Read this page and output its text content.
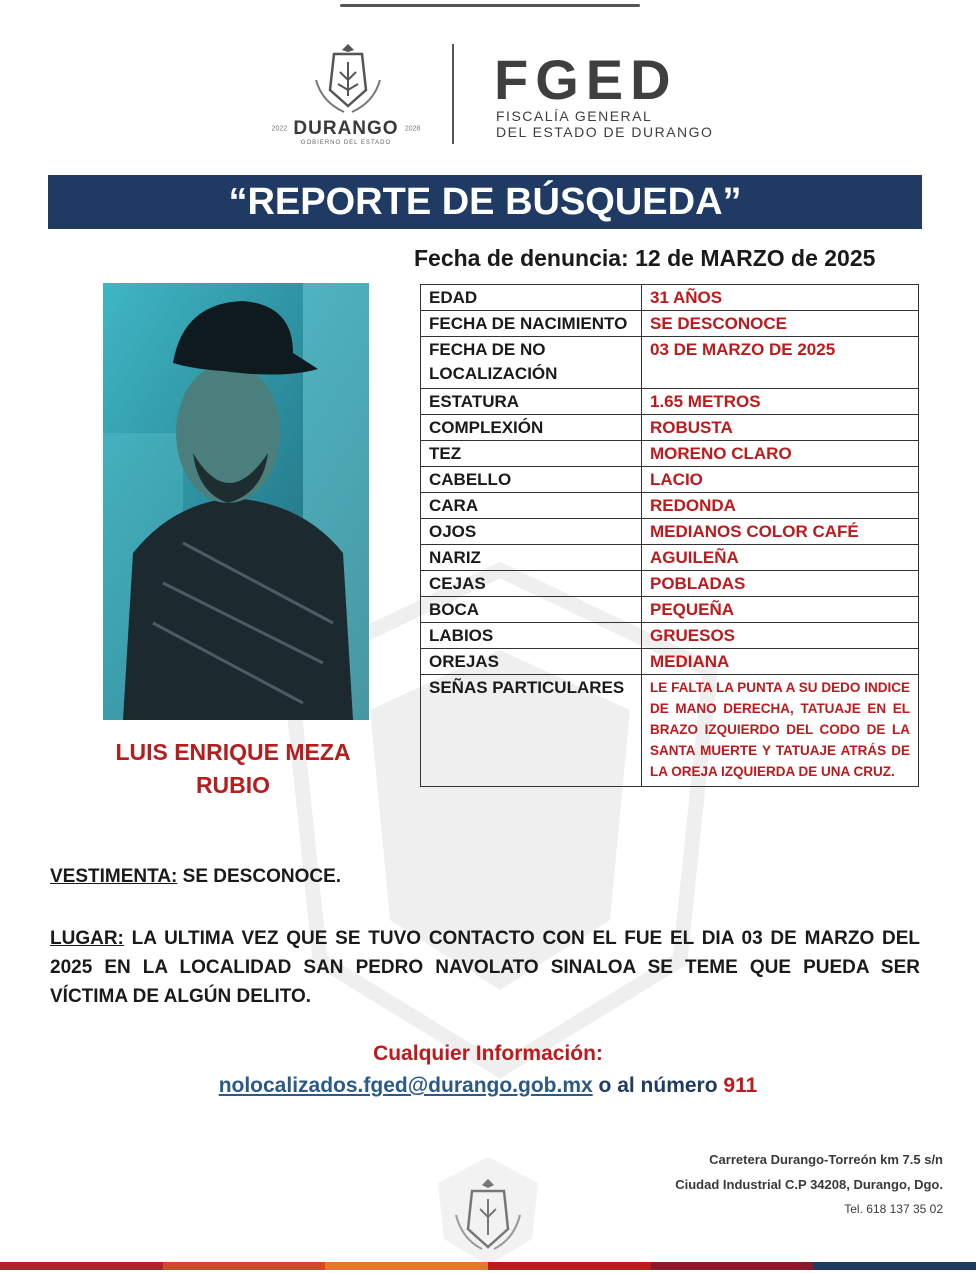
2022 DURANGO 2028
GOBIERNO DEL ESTADO
FGED
FISCALÍA GENERAL
DEL ESTADO DE DURANGO
“REPORTE DE BÚSQUEDA”
Fecha de denuncia: 12 de MARZO de 2025
LUIS ENRIQUE MEZA RUBIO
EDAD	31 AÑOS
FECHA DE NACIMIENTO	SE DESCONOCE
FECHA DE NO LOCALIZACIÓN	03 DE MARZO DE 2025
ESTATURA	1.65 METROS
COMPLEXIÓN	ROBUSTA
TEZ	MORENO CLARO
CABELLO	LACIO
CARA	REDONDA
OJOS	MEDIANOS COLOR CAFÉ
NARIZ	AGUILEÑA
CEJAS	POBLADAS
BOCA	PEQUEÑA
LABIOS	GRUESOS
OREJAS	MEDIANA
SEÑAS PARTICULARES	LE FALTA LA PUNTA A SU DEDO INDICE DE MANO DERECHA, TATUAJE EN EL BRAZO IZQUIERDO DEL CODO DE LA SANTA MUERTE Y TATUAJE ATRÁS DE LA OREJA IZQUIERDA DE UNA CRUZ.
VESTIMENTA: SE DESCONOCE.
LUGAR: LA ULTIMA VEZ QUE SE TUVO CONTACTO CON EL FUE EL DIA 03 DE MARZO DEL 2025 EN LA LOCALIDAD SAN PEDRO NAVOLATO SINALOA SE TEME QUE PUEDA SER VÍCTIMA DE ALGÚN DELITO.
Cualquier Información:
nolocalizados.fged@durango.gob.mx o al número 911
Carretera Durango-Torreón km 7.5 s/n
Ciudad Industrial C.P 34208, Durango, Dgo.
Tel. 618 137 35 02
